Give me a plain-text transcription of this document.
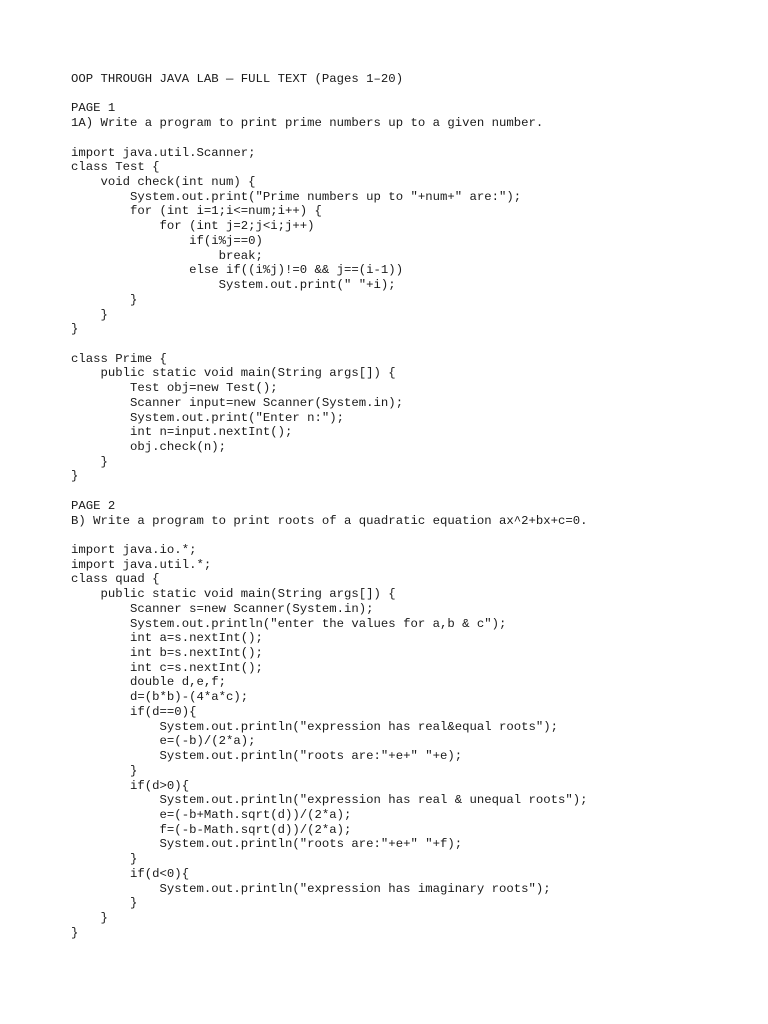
OOP THROUGH JAVA LAB — FULL TEXT (Pages 1–20)
PAGE 1
1A) Write a program to print prime numbers up to a given number.
import java.util.Scanner;
class Test {
void check(int num) {
System.out.print("Prime numbers up to "+num+" are:");
for (int i=1;i<=num;i++) {
for (int j=2;j<i;j++)
if(i%j==0)
break;
else if((i%j)!=0 && j==(i-1))
System.out.print(" "+i);
}
}
}
class Prime {
public static void main(String args[]) {
Test obj=new Test();
Scanner input=new Scanner(System.in);
System.out.print("Enter n:");
int n=input.nextInt();
obj.check(n);
}
}
PAGE 2
B) Write a program to print roots of a quadratic equation ax^2+bx+c=0.
import java.io.*;
import java.util.*;
class quad {
public static void main(String args[]) {
Scanner s=new Scanner(System.in);
System.out.println("enter the values for a,b & c");
int a=s.nextInt();
int b=s.nextInt();
int c=s.nextInt();
double d,e,f;
d=(b*b)-(4*a*c);
if(d==0){
System.out.println("expression has real&equal roots");
e=(-b)/(2*a);
System.out.println("roots are:"+e+" "+e);
}
if(d>0){
System.out.println("expression has real & unequal roots");
e=(-b+Math.sqrt(d))/(2*a);
f=(-b-Math.sqrt(d))/(2*a);
System.out.println("roots are:"+e+" "+f);
}
if(d<0){
System.out.println("expression has imaginary roots");
}
}
}
